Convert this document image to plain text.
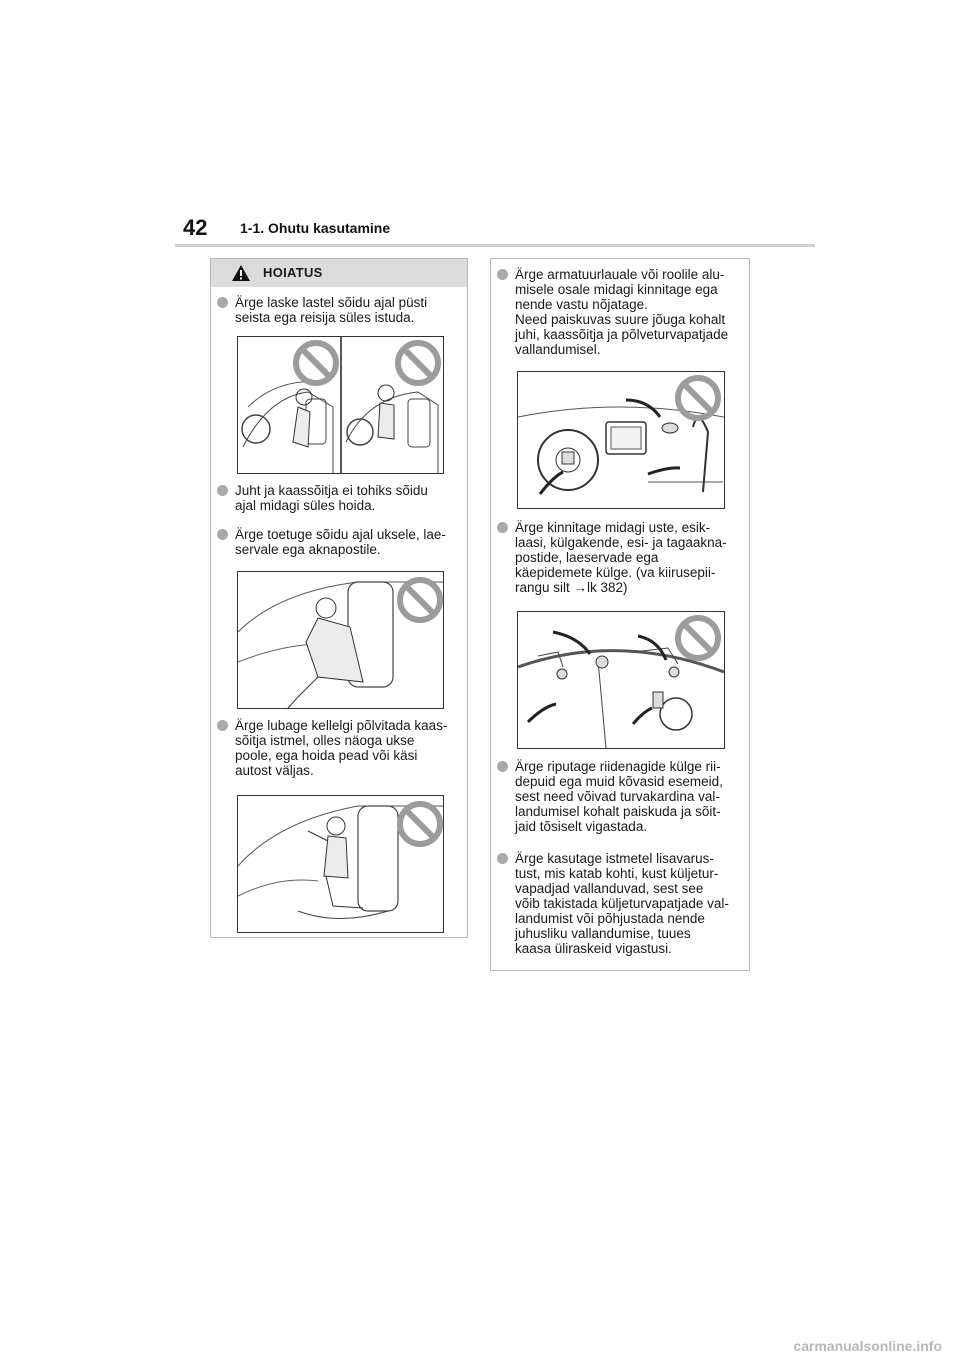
42 1-1. Ohutu kasutamine
HOIATUS
Ärge laske lastel sõidu ajal püsti
seista ega reisija süles istuda.
Juht ja kaassõitja ei tohiks sõidu
ajal midagi süles hoida.
Ärge toetuge sõidu ajal uksele, lae-
servale ega aknapostile.
Ärge lubage kellelgi põlvitada kaas-
sõitja istmel, olles näoga ukse
poole, ega hoida pead või käsi
autost väljas.
Ärge armatuurlauale või roolile alu-
misele osale midagi kinnitage ega
nende vastu nõjatage.
Need paiskuvas suure jõuga kohalt
juhi, kaassõitja ja põlveturvapatjade
vallandumisel.
Ärge kinnitage midagi uste, esik-
laasi, külgakende, esi- ja tagaakna-
postide, laeservade ega
käepidemete külge. (va kiirusepii-
rangu silt →lk 382)
Ärge riputage riidenagide külge rii-
depuid ega muid kõvasid esemeid,
sest need võivad turvakardina val-
landumisel kohalt paiskuda ja sõit-
jaid tõsiselt vigastada.
Ärge kasutage istmetel lisavarus-
tust, mis katab kohti, kust küljetur-
vapadjad vallanduvad, sest see
võib takistada küljeturvapatjade val-
landumist või põhjustada nende
juhusliku vallandumise, tuues
kaasa üliraskeid vigastusi.
carmanualsonline.info
